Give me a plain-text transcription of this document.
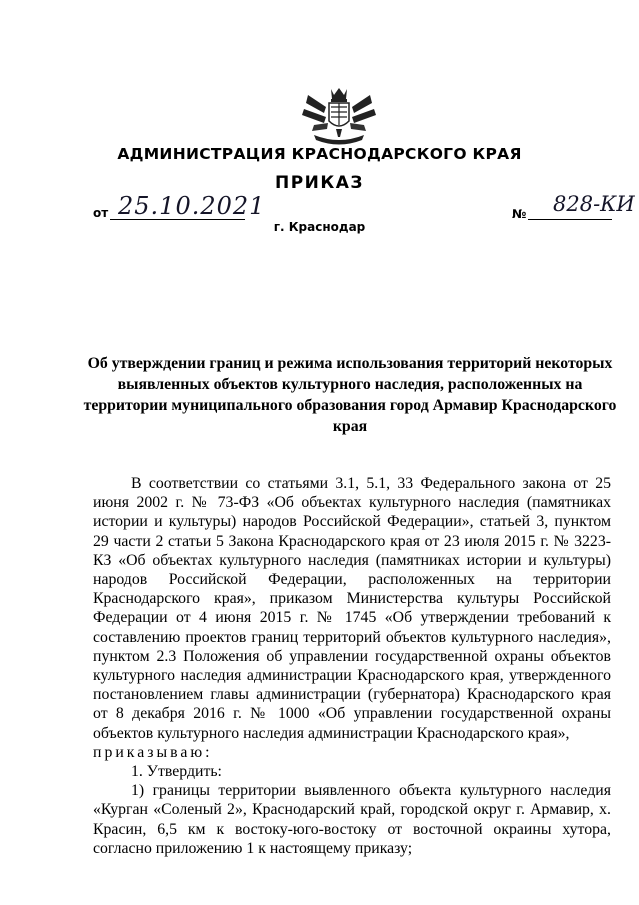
АДМИНИСТРАЦИЯ КРАСНОДАРСКОГО КРАЯ
ПРИКАЗ
от 25.10.2021	№ 828-КИ
г. Краснодар
Об утверждении границ и режима использования территорий некоторых выявленных объектов культурного наследия, расположенных на территории муниципального образования город Армавир Краснодарского края

В соответствии со статьями 3.1, 5.1, 33 Федерального закона от 25 июня 2002 г. № 73-ФЗ «Об объектах культурного наследия (памятниках истории и культуры) народов Российской Федерации», статьей 3, пунктом 29 части 2 статьи 5 Закона Краснодарского края от 23 июля 2015 г. № 3223-КЗ «Об объектах культурного наследия (памятниках истории и культуры) народов Российской Федерации, расположенных на территории Краснодарского края», приказом Министерства культуры Российской Федерации от 4 июня 2015 г. № 1745 «Об утверждении требований к составлению проектов границ территорий объектов культурного наследия», пунктом 2.3 Положения об управлении государственной охраны объектов культурного наследия администрации Краснодарского края, утвержденного постановлением главы администрации (губернатора) Краснодарского края от 8 декабря 2016 г. № 1000 «Об управлении государственной охраны объектов культурного наследия администрации Краснодарского края»,

приказываю:

1. Утвердить:

1) границы территории выявленного объекта культурного наследия «Курган «Соленый 2», Краснодарский край, городской округ г. Армавир, х. Красин, 6,5 км к востоку-юго-востоку от восточной окраины хутора, согласно приложению 1 к настоящему приказу;
